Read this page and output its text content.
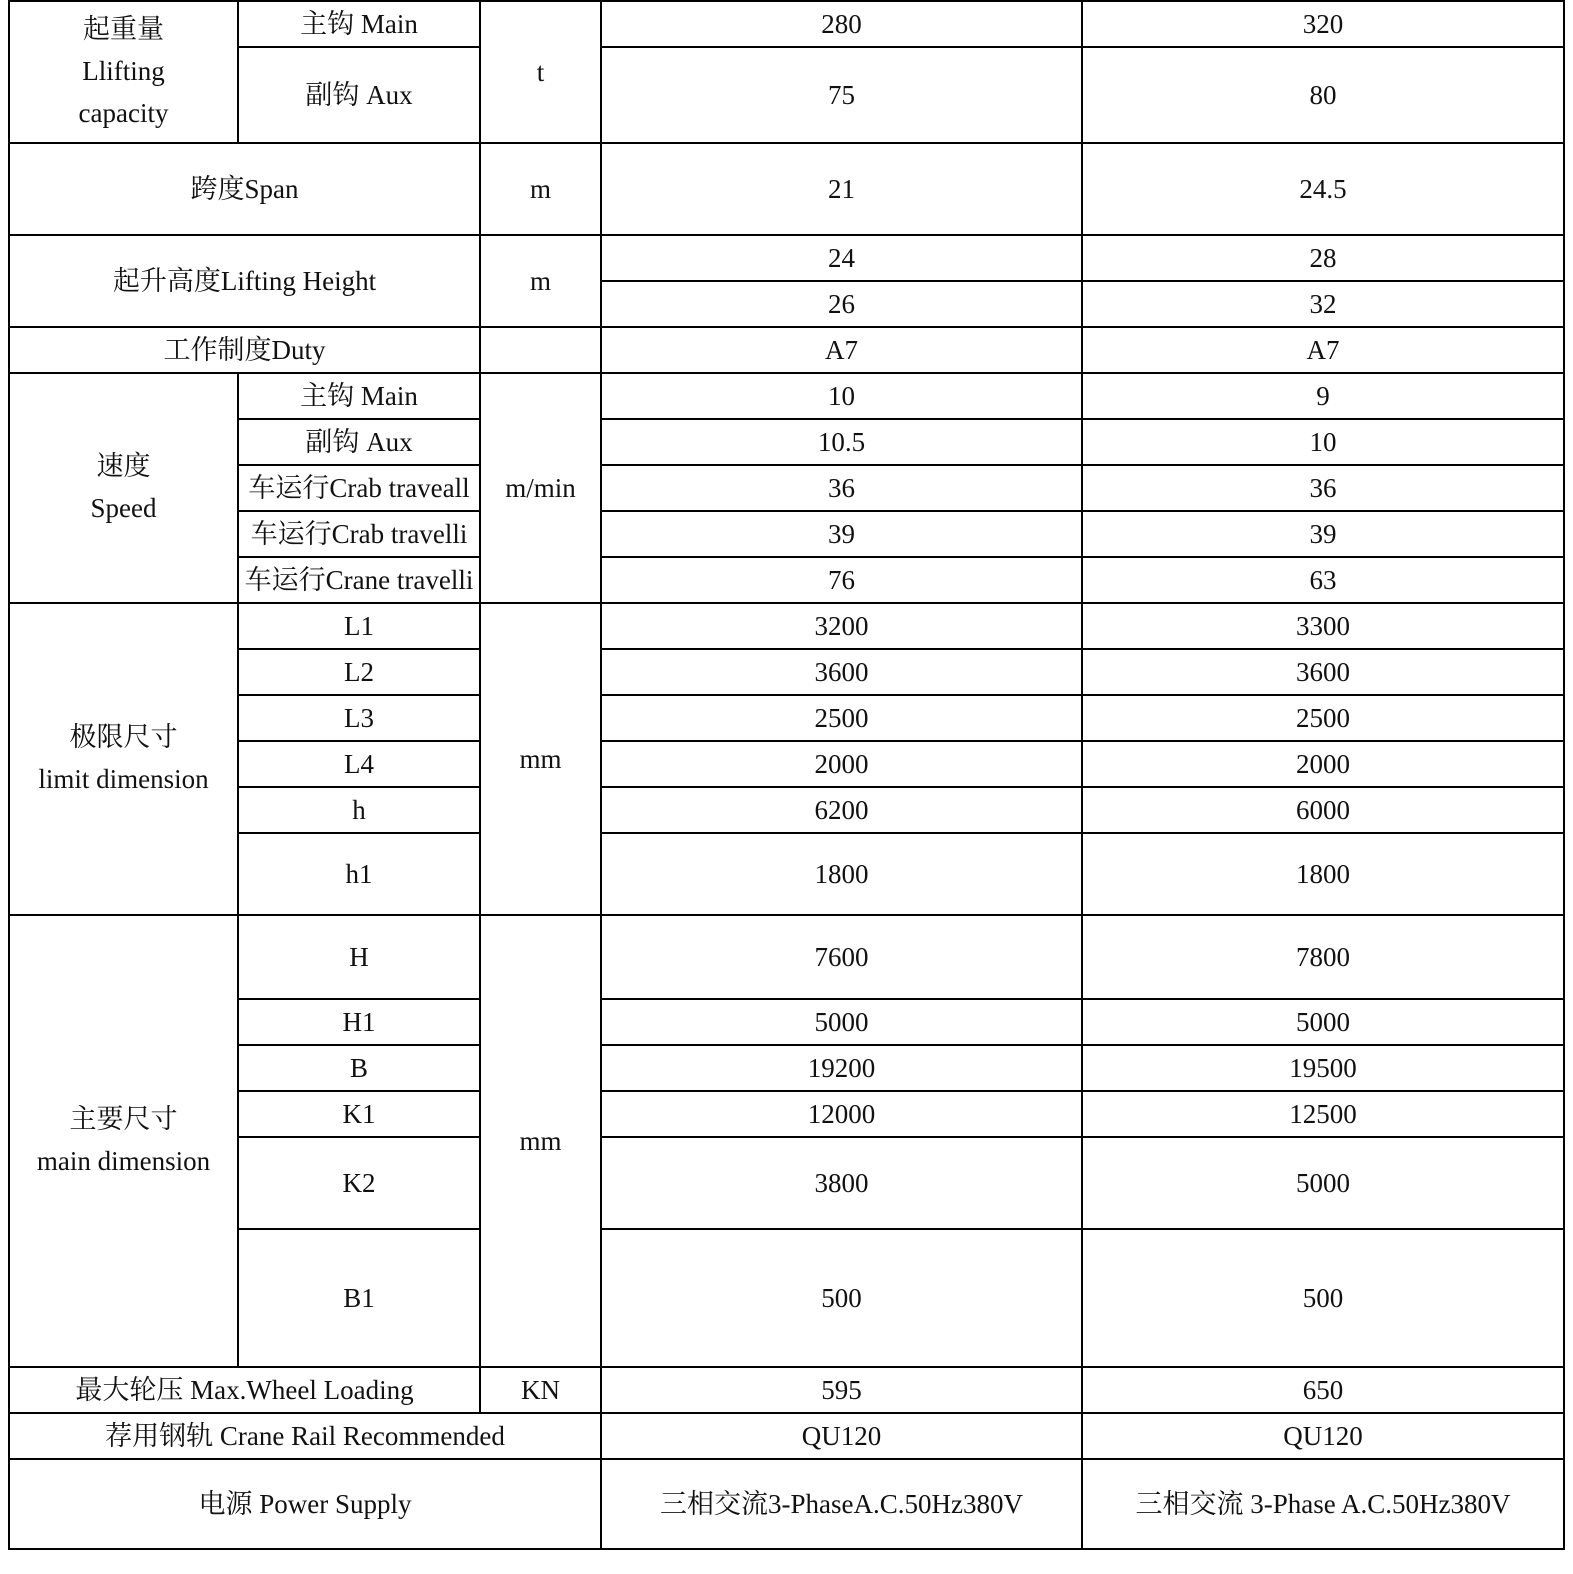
起重量
Llifting
capacity	主钩 Main	t	280	320
	副钩 Aux		75	80
跨度Span		m	21	24.5
起升高度Lifting Height		m	24	28
			26	32
工作制度Duty			A7	A7

速度
Speed	主钩 Main	m/min	10	9
	副钩 Aux		10.5	10
	车运行Crab traveall		36	36
	车运行Crab travelli		39	39
	车运行Crane travelli		76	63

极限尺寸
limit dimension	L1	mm	3200	3300
	L2		3600	3600
	L3		2500	2500
	L4		2000	2000
	h		6200	6000
	h1		1800	1800

主要尺寸
main dimension	H	mm	7600	7800
	H1		5000	5000
	B		19200	19500
	K1		12000	12500
	K2		3800	5000
	B1		500	500
最大轮压 Max.Wheel Loading		KN	595	650
荐用钢轨 Crane Rail Recommended			QU120	QU120
电源 Power Supply			三相交流3-PhaseA.C.50Hz380V	三相交流 3-Phase A.C.50Hz380V
